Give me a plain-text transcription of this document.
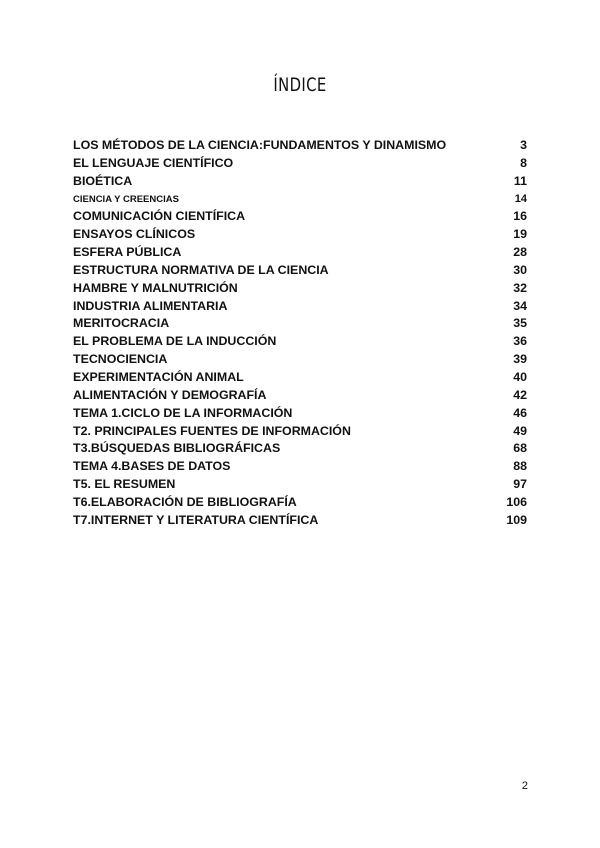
ÍNDICE
LOS MÉTODOS DE LA CIENCIA:FUNDAMENTOS Y DINAMISMO	3
EL LENGUAJE CIENTÍFICO	8
BIOÉTICA	11
CIENCIA Y CREENCIAS	14
COMUNICACIÓN CIENTÍFICA	16
ENSAYOS CLÍNICOS	19
ESFERA PÚBLICA	28
ESTRUCTURA NORMATIVA DE LA CIENCIA	30
HAMBRE Y MALNUTRICIÓN	32
INDUSTRIA ALIMENTARIA	34
MERITOCRACIA	35
EL PROBLEMA DE LA INDUCCIÓN	36
TECNOCIENCIA	39
EXPERIMENTACIÓN ANIMAL	40
ALIMENTACIÓN Y DEMOGRAFÍA	42
TEMA 1.CICLO DE LA INFORMACIÓN	46
T2. PRINCIPALES FUENTES DE INFORMACIÓN	49
T3.BÚSQUEDAS BIBLIOGRÁFICAS	68
TEMA 4.BASES DE DATOS	88
T5. EL RESUMEN	97
T6.ELABORACIÓN DE BIBLIOGRAFÍA	106
T7.INTERNET Y LITERATURA CIENTÍFICA	109
2
